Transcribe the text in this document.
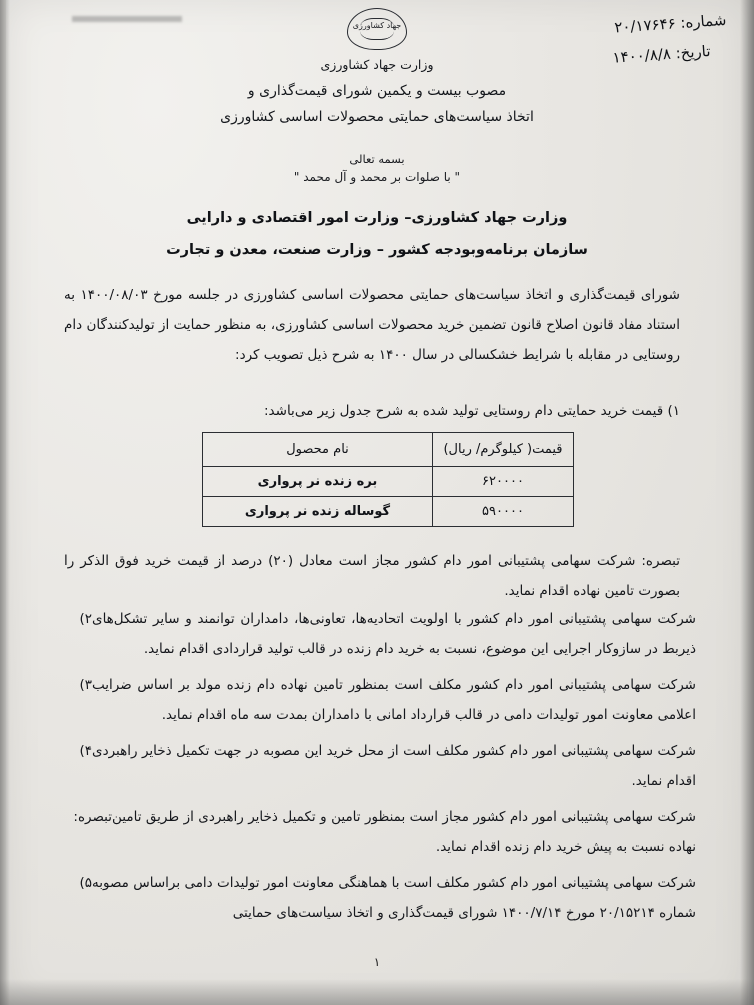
شماره: ۲۰/۱۷۶۴۶
تاریخ: ۱۴۰۰/۸/۸
جهاد کشاورزی
وزارت جهاد کشاورزی
مصوب بیست و یکمین شورای قیمت‌گذاری و
اتخاذ سیاست‌های حمایتی محصولات اساسی کشاورزی
بسمه تعالی
" با صلوات بر محمد و آل محمد "
وزارت جهاد کشاورزی– وزارت امور اقتصادی و دارایی
سازمان برنامه‌وبودجه کشور – وزارت صنعت، معدن و تجارت
شورای قیمت‌گذاری و اتخاذ سیاست‌های حمایتی محصولات اساسی کشاورزی در جلسه مورخ ۱۴۰۰/۰۸/۰۳ به استناد مفاد قانون اصلاح قانون تضمین خرید محصولات اساسی کشاورزی، به منظور حمایت از تولیدکنندگان دام روستایی در مقابله با شرایط خشکسالی در سال ۱۴۰۰ به شرح ذیل تصویب کرد:
۱) قیمت خرید حمایتی دام روستایی تولید شده به شرح جدول زیر می‌باشد:
قیمت( کیلوگرم/ ریال)	نام محصول
۶۲۰۰۰۰	بره زنده نر پرواری
۵۹۰۰۰۰	گوساله زنده نر پرواری
تبصره: شرکت سهامی پشتیبانی امور دام کشور مجاز است معادل (۲۰) درصد از قیمت خرید فوق الذکر را بصورت تامین نهاده اقدام نماید.
۲) شرکت سهامی پشتیبانی امور دام کشور با اولویت اتحادیه‌ها، تعاونی‌ها، دامداران توانمند و سایر تشکل‌های ذیربط در سازوکار اجرایی این موضوع، نسبت به خرید دام زنده در قالب تولید قراردادی اقدام نماید.
۳) شرکت سهامی پشتیبانی امور دام کشور مکلف است بمنظور تامین نهاده دام زنده مولد بر اساس ضرایب اعلامی معاونت امور تولیدات دامی در قالب قرارداد امانی با دامداران بمدت سه ماه اقدام نماید.
۴) شرکت سهامی پشتیبانی امور دام کشور مکلف است از محل خرید این مصوبه در جهت تکمیل ذخایر راهبردی اقدام نماید.
تبصره: شرکت سهامی پشتیبانی امور دام کشور مجاز است بمنظور تامین و تکمیل ذخایر راهبردی از طریق تامین نهاده نسبت به پیش خرید دام زنده اقدام نماید.
۵) شرکت سهامی پشتیبانی امور دام کشور مکلف است با هماهنگی معاونت امور تولیدات دامی براساس مصوبه شماره ۲۰/۱۵۲۱۴ مورخ ۱۴۰۰/۷/۱۴ شورای قیمت‌گذاری و اتخاذ سیاست‌های حمایتی
۱
